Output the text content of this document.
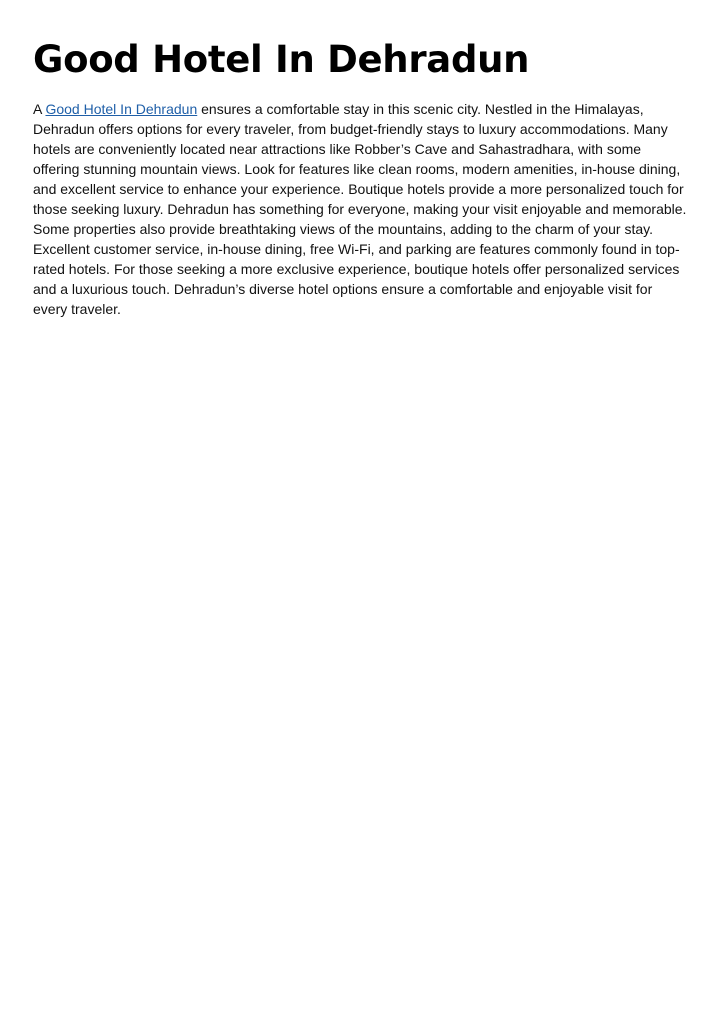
Good Hotel In Dehradun

A Good Hotel In Dehradun ensures a comfortable stay in this scenic city. Nestled in the Himalayas, Dehradun offers options for every traveler, from budget-friendly stays to luxury accommodations. Many hotels are conveniently located near attractions like Robber’s Cave and Sahastradhara, with some offering stunning mountain views. Look for features like clean rooms, modern amenities, in-house dining, and excellent service to enhance your experience. Boutique hotels provide a more personalized touch for those seeking luxury. Dehradun has something for everyone, making your visit enjoyable and memorable. Some properties also provide breathtaking views of the mountains, adding to the charm of your stay. Excellent customer service, in-house dining, free Wi-Fi, and parking are features commonly found in top-rated hotels. For those seeking a more exclusive experience, boutique hotels offer personalized services and a luxurious touch. Dehradun’s diverse hotel options ensure a comfortable and enjoyable visit for every traveler.
